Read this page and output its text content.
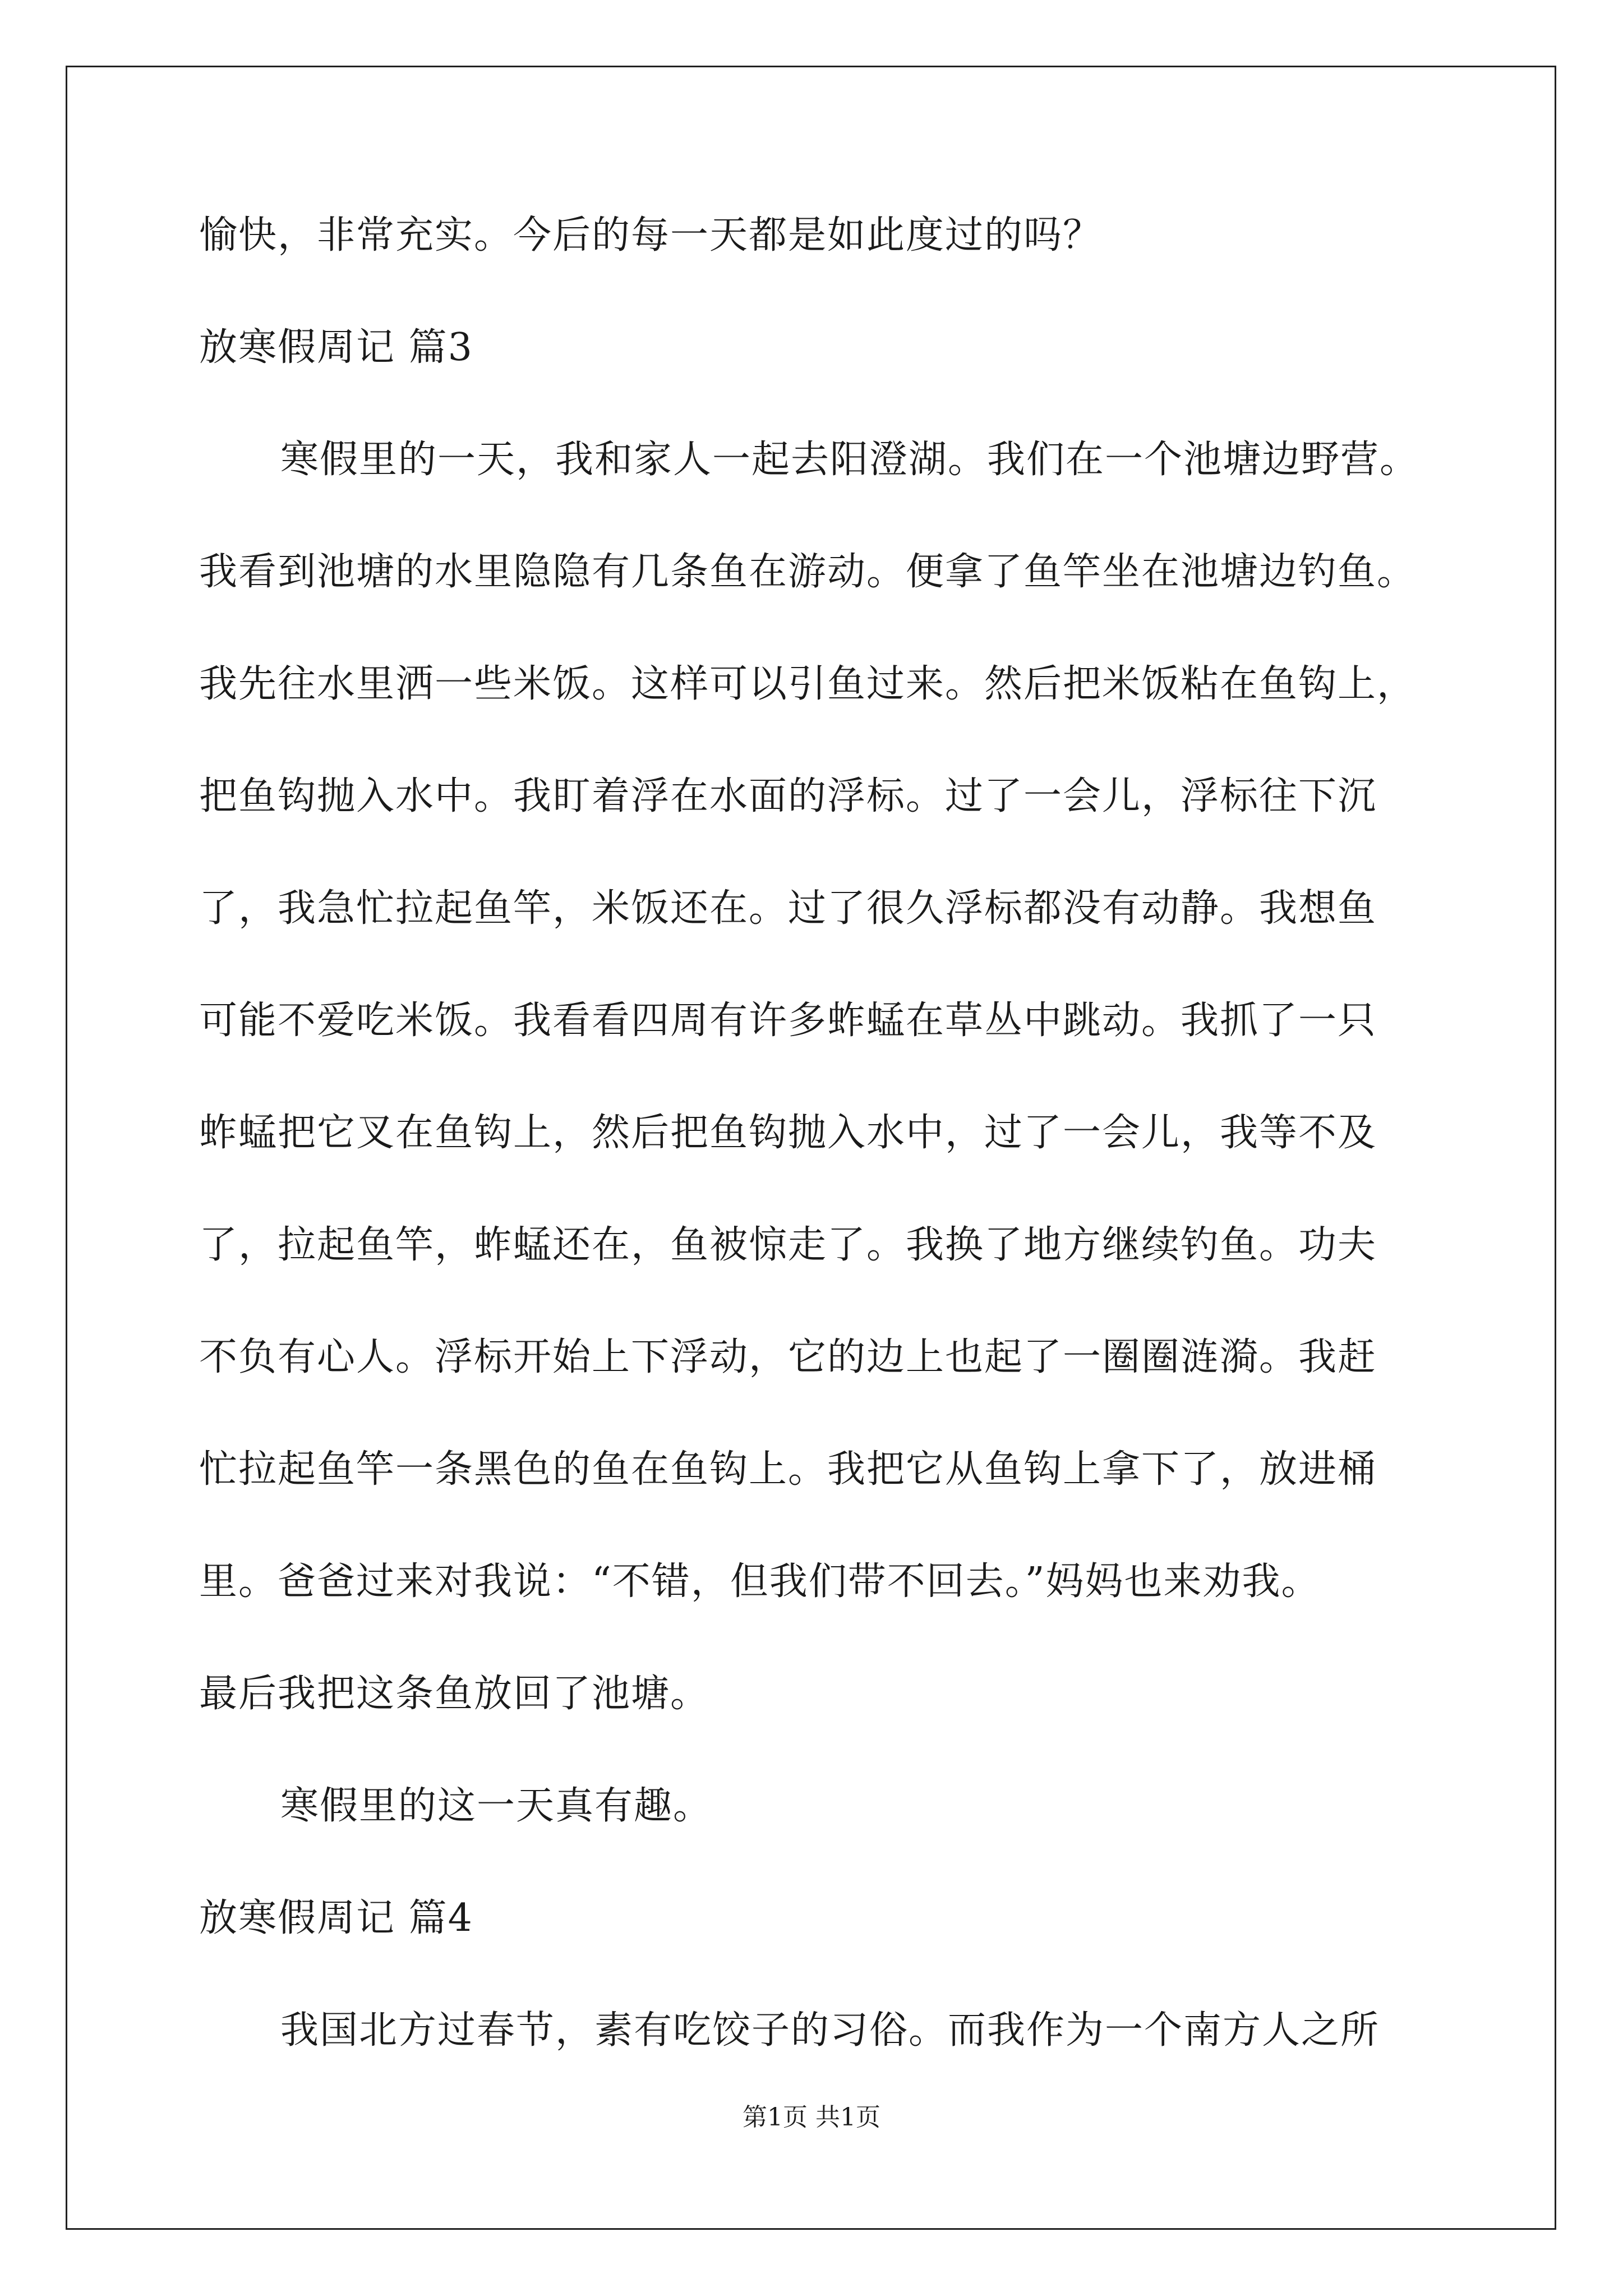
愉快，非常充实。今后的每一天都是如此度过的吗？
放寒假周记 篇3
寒假里的一天，我和家人一起去阳澄湖。我们在一个池塘边野营。
我看到池塘的水里隐隐有几条鱼在游动。便拿了鱼竿坐在池塘边钓鱼。
我先往水里洒一些米饭。这样可以引鱼过来。然后把米饭粘在鱼钩上，
把鱼钩抛入水中。我盯着浮在水面的浮标。过了一会儿，浮标往下沉
了，我急忙拉起鱼竿，米饭还在。过了很久浮标都没有动静。我想鱼
可能不爱吃米饭。我看看四周有许多蚱蜢在草丛中跳动。我抓了一只
蚱蜢把它叉在鱼钩上，然后把鱼钩抛入水中，过了一会儿，我等不及
了，拉起鱼竿，蚱蜢还在，鱼被惊走了。我换了地方继续钓鱼。功夫
不负有心人。浮标开始上下浮动，它的边上也起了一圈圈涟漪。我赶
忙拉起鱼竿一条黑色的鱼在鱼钩上。我把它从鱼钩上拿下了，放进桶
里。爸爸过来对我说：“不错，但我们带不回去。”妈妈也来劝我。
最后我把这条鱼放回了池塘。
寒假里的这一天真有趣。
放寒假周记 篇4
我国北方过春节，素有吃饺子的习俗。而我作为一个南方人之所
第1页 共1页
